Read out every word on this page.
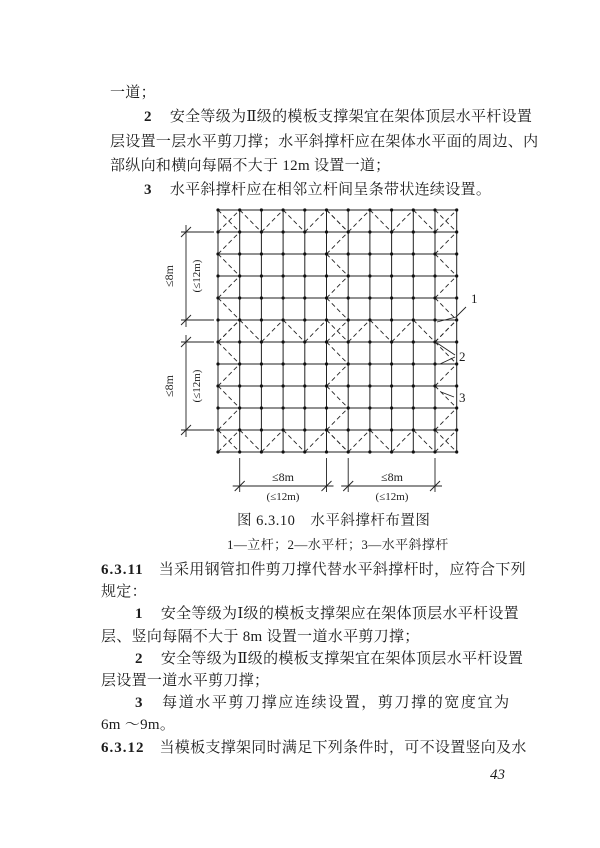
一道；
2 安全等级为Ⅱ级的模板支撑架宜在架体顶层水平杆设置
层设置一层水平剪刀撑；水平斜撑杆应在架体水平面的周边、内
部纵向和横向每隔不大于 12m 设置一道；
3 水平斜撑杆应在相邻立杆间呈条带状连续设置。
≤8m (≤12m)
≤8m (≤12m)
≤8m
(≤12m)
≤8m
(≤12m)
1
2
3
图 6.3.10　水平斜撑杆布置图
1—立杆；2—水平杆；3—水平斜撑杆
6.3.11 当采用钢管扣件剪刀撑代替水平斜撑杆时，应符合下列
规定：
1 安全等级为Ⅰ级的模板支撑架应在架体顶层水平杆设置
层、竖向每隔不大于 8m 设置一道水平剪刀撑；
2 安全等级为Ⅱ级的模板支撑架宜在架体顶层水平杆设置
层设置一道水平剪刀撑；
3 每道水平剪刀撑应连续设置，剪刀撑的宽度宜为
6m ～9m。
6.3.12 当模板支撑架同时满足下列条件时，可不设置竖向及水
43
